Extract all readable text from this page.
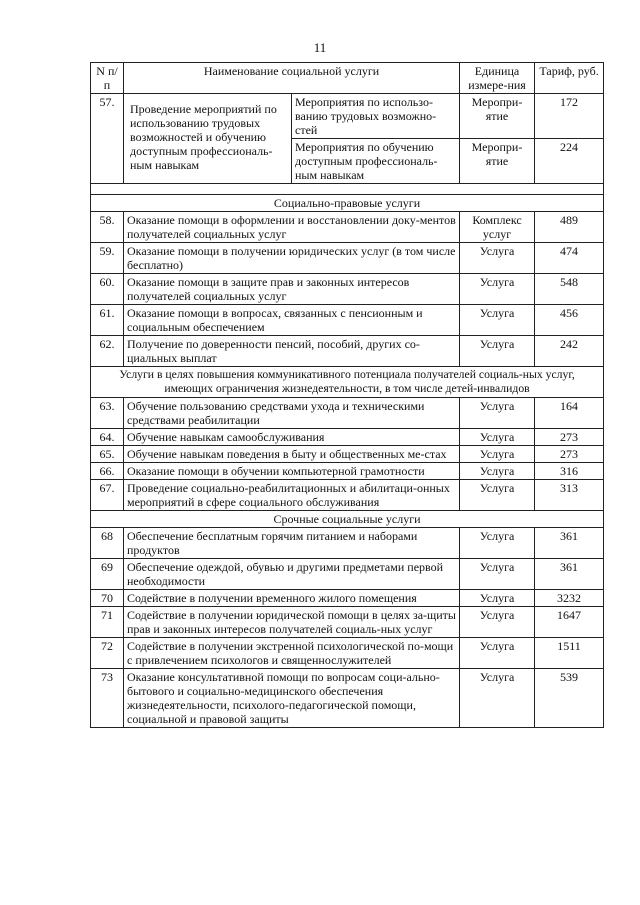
11
N п/п	Наименование социальной услуги		Единица измере-ния	Тариф, руб.
57.	Проведение мероприятий по использованию трудовых возможностей и обучению доступным профессиональ-ным навыкам	Мероприятия по использо-ванию трудовых возможно-стей	Меропри-ятие	172
		Мероприятия по обучению доступным профессиональ-ным навыкам	Меропри-ятие	224

Социально-правовые услуги				
58.	Оказание помощи в оформлении и восстановлении доку-ментов получателей социальных услуг		Комплекс услуг	489
59.	Оказание помощи в получении юридических услуг (в том числе бесплатно)		Услуга	474
60.	Оказание помощи в защите прав и законных интересов получателей социальных услуг		Услуга	548
61.	Оказание помощи в вопросах, связанных с пенсионным и социальным обеспечением		Услуга	456
62.	Получение по доверенности пенсий, пособий, других со-циальных выплат		Услуга	242
Услуги в целях повышения коммуникативного потенциала получателей социаль-ных услуг, имеющих ограничения жизнедеятельности, в том числе детей-инвалидов				
63.	Обучение пользованию средствами ухода и техническими средствами реабилитации		Услуга	164
64.	Обучение навыкам самообслуживания		Услуга	273
65.	Обучение навыкам поведения в быту и общественных ме-стах		Услуга	273
66.	Оказание помощи в обучении компьютерной грамотности		Услуга	316
67.	Проведение социально-реабилитационных и абилитаци-онных мероприятий в сфере социального обслуживания		Услуга	313
Срочные социальные услуги				
68	Обеспечение бесплатным горячим питанием и наборами продуктов		Услуга	361
69	Обеспечение одеждой, обувью и другими предметами первой необходимости		Услуга	361
70	Содействие в получении временного жилого помещения		Услуга	3232
71	Содействие в получении юридической помощи в целях за-щиты прав и законных интересов получателей социаль-ных услуг		Услуга	1647
72	Содействие в получении экстренной психологической по-мощи с привлечением психологов и священнослужителей		Услуга	1511
73	Оказание консультативной помощи по вопросам соци-ально-бытового и социально-медицинского обеспечения жизнедеятельности, психолого-педагогической помощи, социальной и правовой защиты		Услуга	539
